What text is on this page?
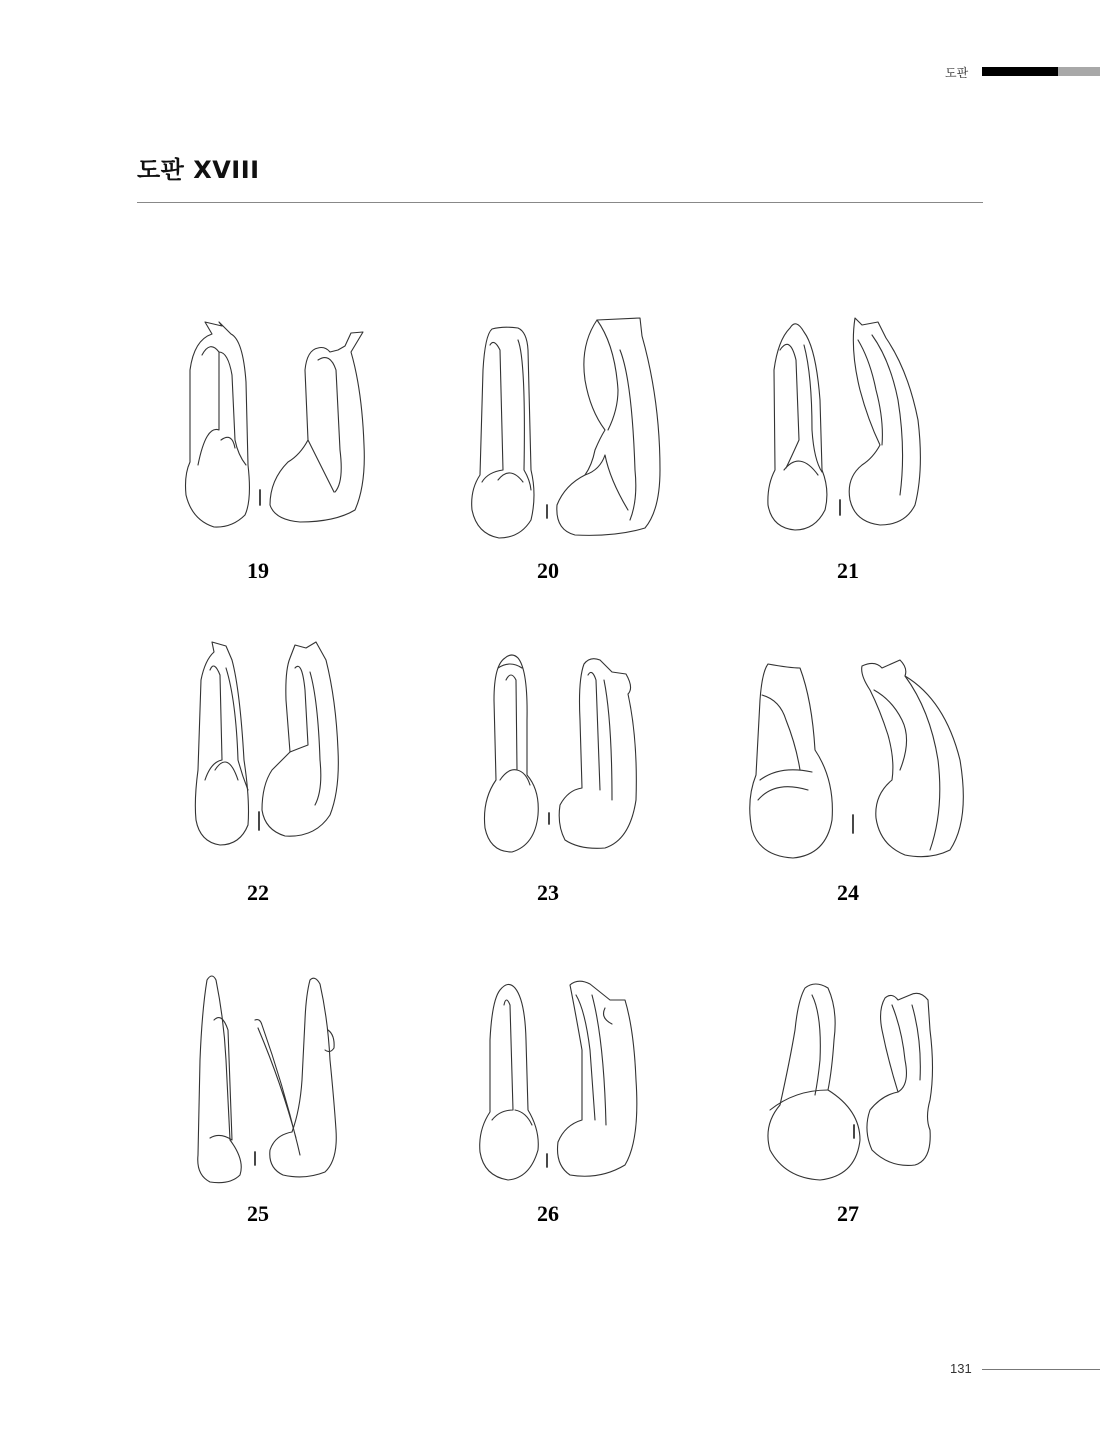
도판
도판 XVIII
19	20	21
22	23	24
25	26	27
131
